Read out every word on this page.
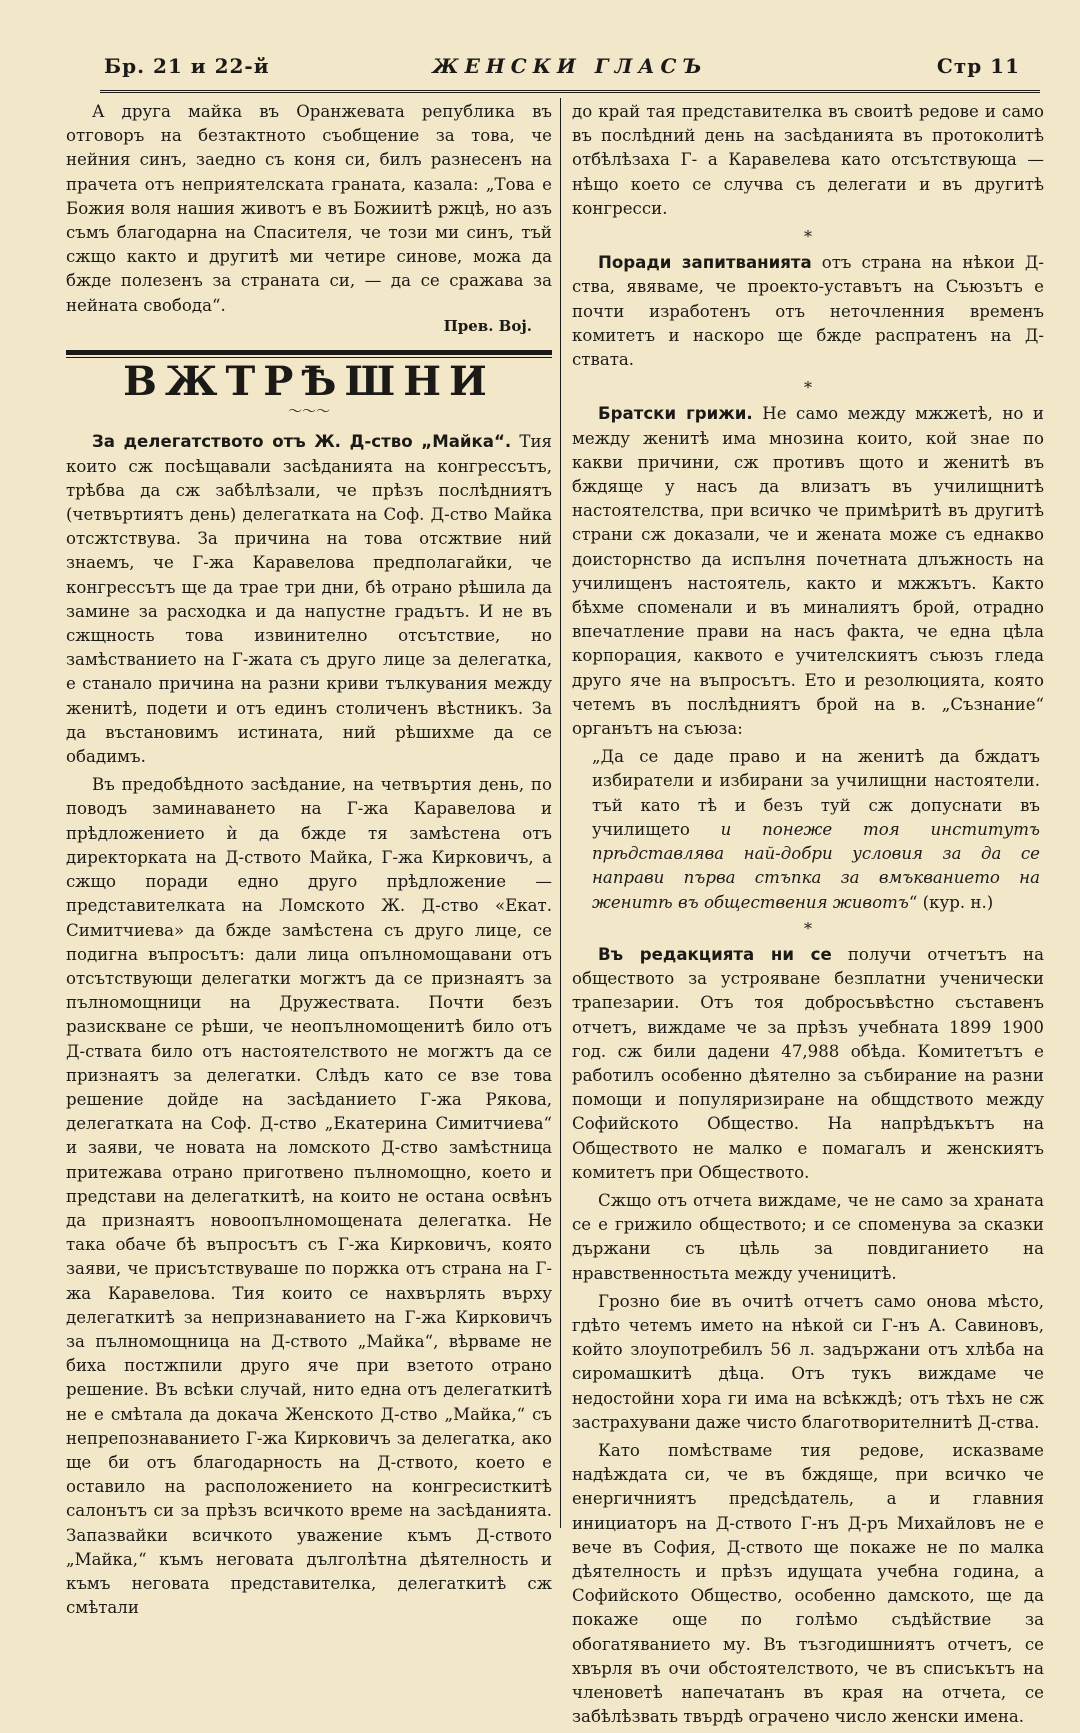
Бр. 21 и 22-й	ЖЕНСКИ ГЛАСЪ	Стр 11

А друга майка въ Оранжевата република въ отговоръ на безтактното съобщение за това, че нейния синъ, заедно съ коня си, билъ разнесенъ на прачета отъ неприятелската граната, казала: „Това е Божия воля нашия животъ е въ Божиитѣ ржцѣ, но азъ съмъ благодарна на Спасителя, че този ми синъ, тъй сжщо както и другитѣ ми четире синове, можа да бжде полезенъ за страната си, — да се сражава за нейната свобода“.

Прев. Воj.
ВЖТРѢШНИ
～～～

За делегатството отъ Ж. Д-ство „Майка“. Тия които сж посѣщавали засѣданията на конгрессътъ, трѣбва да сж забѣлѣзали, че прѣзъ послѣдниятъ (четвъртиятъ день) делегатката на Соф. Д-ство Майка отсжтствува. За причина на това отсжтвие ний знаемъ, че Г-жа Каравелова предполагайки, че конгрессътъ ще да трае три дни, бѣ отрано рѣшила да замине за расходка и да напустне градътъ. И не въ сжщность това извинително отсътствие, но замѣстванието на Г-жата съ друго лице за делегатка, е станало причина на разни криви тълкувания между женитѣ, подети и отъ единъ столиченъ вѣстникъ. За да въстановимъ истината, ний рѣшихме да се обадимъ.

Въ предобѣдното засѣдание, на четвъртия день, по поводъ заминаването на Г-жа Каравелова и прѣдложението ѝ да бжде тя замѣстена отъ директорката на Д-ството Майка, Г-жа Кирковичъ, а сжщо поради едно друго прѣдложение — представителката на Ломското Ж. Д-ство «Екат. Симитчиева» да бжде замѣстена съ друго лице, се подигна въпросътъ: дали лица опълномощавани отъ отсътствующи делегатки могжтъ да се признаятъ за пълномощници на Дружествата. Почти безъ разискване се рѣши, че неопълномощенитѣ било отъ Д-ствата било отъ настоятелството не могжтъ да се признаятъ за делегатки. Слѣдъ като се взе това решение дойде на засѣданието Г-жа Рякова, делегатката на Соф. Д-ство „Екатерина Симитчиева“ и заяви, че новата на ломското Д-ство замѣстница притежава отрано приготвено пълномощно, което и представи на делегаткитѣ, на които не остана освѣнъ да признаятъ новоопълномощената делегатка. Не така обаче бѣ въпросътъ съ Г-жа Кирковичъ, която заяви, че присътствуваше по поржка отъ страна на Г-жа Каравелова. Тия които се нахвърлять върху делегаткитѣ за непризнаванието на Г-жа Кирковичъ за пълномощница на Д-ството „Майка“, вѣрваме не биха постжпили друго яче при взетото отрано решение. Въ всѣки случай, нито една отъ делегаткитѣ не е смѣтала да докача Женското Д-ство „Майка,“ съ непрепознаванието Г-жа Кирковичъ за делегатка, ако ще би отъ благодарность на Д-ството, което е оставило на расположението на конгресисткитѣ салонътъ си за прѣзъ всичкото време на засѣданията. Запазвайки всичкото уважение къмъ Д-ството „Майка,“ къмъ неговата дълголѣтна дѣятелность и къмъ неговата представителка, делегаткитѣ сж смѣтали

до край тая представителка въ своитѣ редове и само въ послѣдний день на засѣданията въ протоколитѣ отбѣлѣзаха Г- а Каравелева като отсътствующа — нѣщо което се случва съ делегати и въ другитѣ конгресси.

*

Поради запитванията отъ страна на нѣкои Д-ства, явяваме, че проекто-уставътъ на Съюзътъ е почти изработенъ отъ неточленния временъ комитетъ и наскоро ще бжде распратенъ на Д-ствата.

*

Братски грижи. Не само между мжжетѣ, но и между женитѣ има мнозина които, кой знае по какви причини, сж противъ щото и женитѣ въ бждяще у насъ да влизатъ въ училищнитѣ настоятелства, при всичко че примѣритѣ въ другитѣ страни сж доказали, че и жената може съ еднакво доисторнство да испълня почетната длъжность на училищенъ настоятель, както и мжжътъ. Както бѣхме споменали и въ миналиятъ брой, отрадно впечатление прави на насъ факта, че една цѣла корпорация, каквото е учителскиятъ съюзъ гледа друго яче на въпросътъ. Ето и резолюцията, която четемъ въ послѣдниятъ брой на в. „Съзнание“ органътъ на съюза:

„Да се даде право и на женитѣ да бждатъ избиратели и избирани за училищни настоятели. тъй като тѣ и безъ туй сж допуснати въ училището и понеже тоя институтъ прѣдставлява най-добри условия за да се направи първа стъпка за вмъкванието на женитѣ въ обществения животъ“ (кур. н.)

*

Въ редакцията ни се получи отчетътъ на обществото за устрояване безплатни ученически трапезарии. Отъ тоя добросъвѣстно съставенъ отчетъ, виждаме че за прѣзъ учебната 1899 1900 год. сж били дадени 47,988 обѣда. Комитетътъ е работилъ особенно дѣятелно за събирание на разни помощи и популяризиране на общдството между Софийското Общество. На напрѣдъкътъ на Обществото не малко е помагалъ и женскиятъ комитетъ при Обществото.

Сжщо отъ отчета виждаме, че не само за храната се е грижило обществото; и се споменува за сказки държани съ цѣль за повдиганието на нравственностьта между ученицитѣ.

Грозно бие въ очитѣ отчетъ само онова мѣсто, гдѣто четемъ името на нѣкой си Г-нъ А. Савиновъ, който злоупотребилъ 56 л. задържани отъ хлѣба на сиромашкитѣ дѣца. Отъ тукъ виждаме че недостойни хора ги има на всѣкждѣ; отъ тѣхъ не сж застрахувани даже чисто благотворителнитѣ Д-ства.

Като помѣстваме тия редове, исказваме надѣждата си, че въ бждяще, при всичко че енергичниятъ предсѣдатель, а и главния инициаторъ на Д-ството Г-нъ Д-ръ Михайловъ не е вече въ София, Д-ството ще покаже не по малка дѣятелность и прѣзъ идущата учебна година, а Софийското Общество, особенно дамското, ще да покаже още по голѣмо съдѣйствие за обогатяванието му. Въ тъзгодишниятъ отчетъ, се хвърля въ очи обстоятелството, че въ списъкътъ на членоветѣ напечатанъ въ края на отчета, се забѣлѣзвать твърдѣ ограчено число женски имена.
